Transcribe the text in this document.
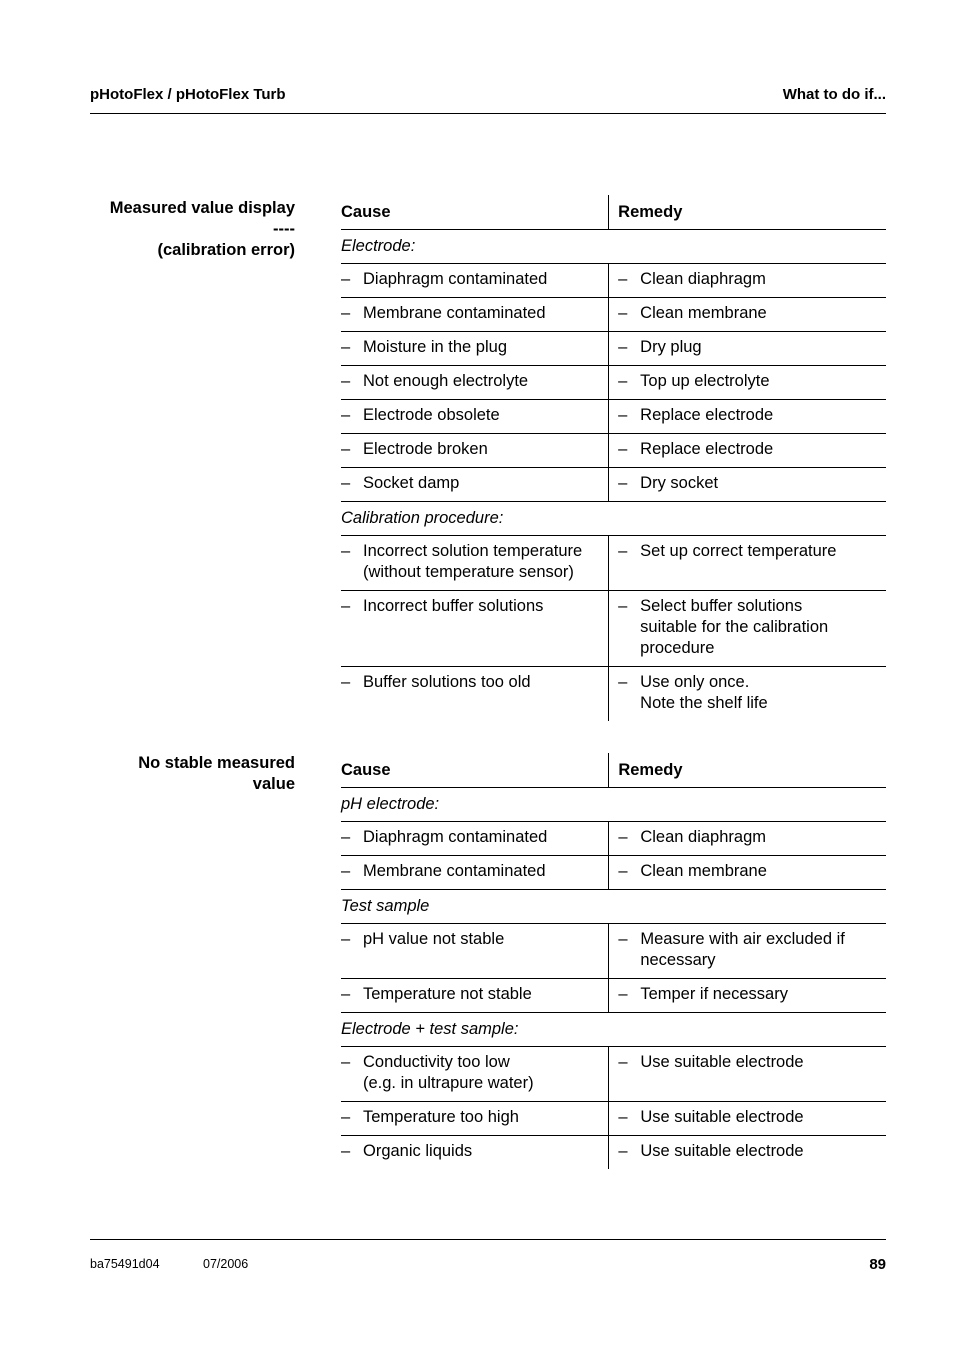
pHotoFlex / pHotoFlex Turb	What to do if...
Measured value display
----
(calibration error)
Cause	Remedy
Electrode:	

– Diaphragm contaminated	– Clean diaphragm

– Membrane contaminated	– Clean membrane

– Moisture in the plug	– Dry plug

– Not enough electrolyte	– Top up electrolyte

– Electrode obsolete	– Replace electrode

– Electrode broken	– Replace electrode

– Socket damp	– Dry socket

Calibration procedure:	

– Incorrect solution temperature
(without temperature sensor)	– Set up correct temperature

– Incorrect buffer solutions	– Select buffer solutions
suitable for the calibration
procedure

– Buffer solutions too old	– Use only once.
Note the shelf life
No stable measured
value
Cause	Remedy
pH electrode:	

– Diaphragm contaminated	– Clean diaphragm

– Membrane contaminated	– Clean membrane

Test sample	

– pH value not stable	– Measure with air excluded if
necessary

– Temperature not stable	– Temper if necessary

Electrode + test sample:	

– Conductivity too low
(e.g. in ultrapure water)	– Use suitable electrode

– Temperature too high	– Use suitable electrode

– Organic liquids	– Use suitable electrode
ba75491d04	07/2006	89
